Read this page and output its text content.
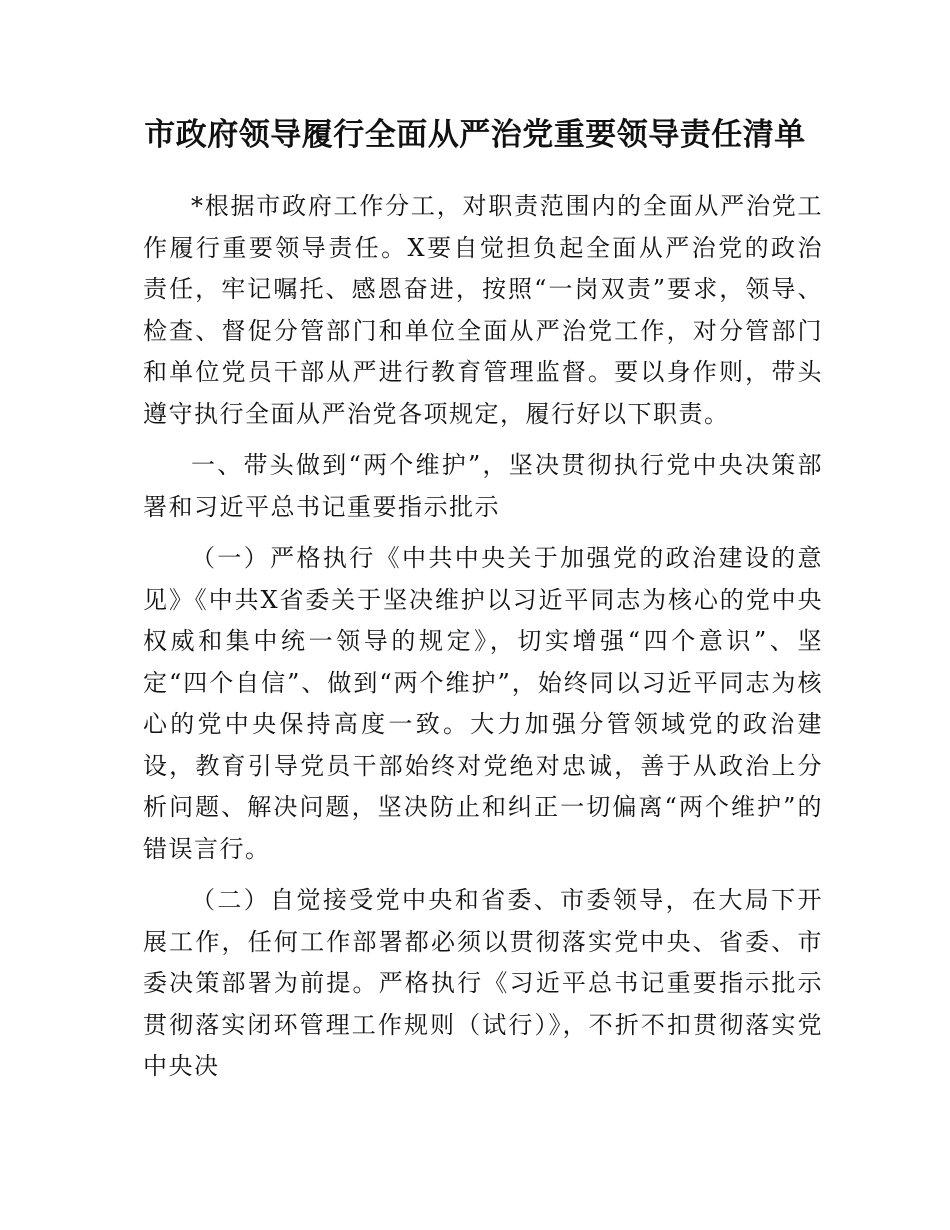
市政府领导履行全面从严治党重要领导责任清单

*根据市政府工作分工，对职责范围内的全面从严治党工作履行重要领导责任。X要自觉担负起全面从严治党的政治责任，牢记嘱托、感恩奋进，按照“一岗双责”要求，领导、检查、督促分管部门和单位全面从严治党工作，对分管部门和单位党员干部从严进行教育管理监督。要以身作则，带头遵守执行全面从严治党各项规定，履行好以下职责。

一、带头做到“两个维护”，坚决贯彻执行党中央决策部署和习近平总书记重要指示批示

（一）严格执行《中共中央关于加强党的政治建设的意见》《中共X省委关于坚决维护以习近平同志为核心的党中央权威和集中统一领导的规定》，切实增强“四个意识”、坚定“四个自信”、做到“两个维护”，始终同以习近平同志为核心的党中央保持高度一致。大力加强分管领域党的政治建设，教育引导党员干部始终对党绝对忠诚，善于从政治上分析问题、解决问题，坚决防止和纠正一切偏离“两个维护”的错误言行。

（二）自觉接受党中央和省委、市委领导，在大局下开展工作，任何工作部署都必须以贯彻落实党中央、省委、市委决策部署为前提。严格执行《习近平总书记重要指示批示贯彻落实闭环管理工作规则（试行）》，不折不扣贯彻落实党中央决
